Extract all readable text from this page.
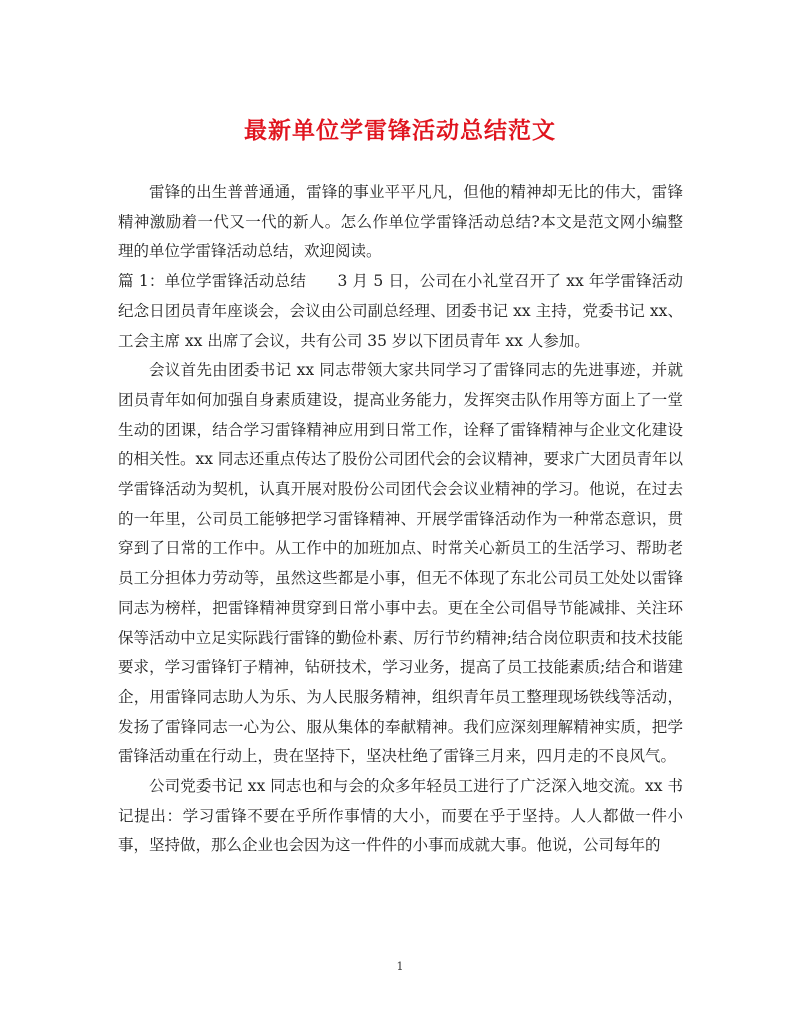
最新单位学雷锋活动总结范文

雷锋的出生普普通通，雷锋的事业平平凡凡，但他的精神却无比的伟大，雷锋精神激励着一代又一代的新人。怎么作单位学雷锋活动总结?本文是范文网小编整理的单位学雷锋活动总结，欢迎阅读。

篇 1：单位学雷锋活动总结　　3 月 5 日，公司在小礼堂召开了 xx 年学雷锋活动纪念日团员青年座谈会，会议由公司副总经理、团委书记 xx 主持，党委书记 xx、工会主席 xx 出席了会议，共有公司 35 岁以下团员青年 xx 人参加。

会议首先由团委书记 xx 同志带领大家共同学习了雷锋同志的先进事迹，并就团员青年如何加强自身素质建设，提高业务能力，发挥突击队作用等方面上了一堂生动的团课，结合学习雷锋精神应用到日常工作，诠释了雷锋精神与企业文化建设的相关性。xx 同志还重点传达了股份公司团代会的会议精神，要求广大团员青年以学雷锋活动为契机，认真开展对股份公司团代会会议业精神的学习。他说，在过去的一年里，公司员工能够把学习雷锋精神、开展学雷锋活动作为一种常态意识，贯穿到了日常的工作中。从工作中的加班加点、时常关心新员工的生活学习、帮助老员工分担体力劳动等，虽然这些都是小事，但无不体现了东北公司员工处处以雷锋同志为榜样，把雷锋精神贯穿到日常小事中去。更在全公司倡导节能减排、关注环保等活动中立足实际践行雷锋的勤俭朴素、厉行节约精神;结合岗位职责和技术技能要求，学习雷锋钉子精神，钻研技术，学习业务，提高了员工技能素质;结合和谐建企，用雷锋同志助人为乐、为人民服务精神，组织青年员工整理现场铁线等活动，发扬了雷锋同志一心为公、服从集体的奉献精神。我们应深刻理解精神实质，把学雷锋活动重在行动上，贵在坚持下，坚决杜绝了雷锋三月来，四月走的不良风气。

公司党委书记 xx 同志也和与会的众多年轻员工进行了广泛深入地交流。xx 书记提出：学习雷锋不要在乎所作事情的大小，而要在乎于坚持。人人都做一件小事，坚持做，那么企业也会因为这一件件的小事而成就大事。他说，公司每年的

1
